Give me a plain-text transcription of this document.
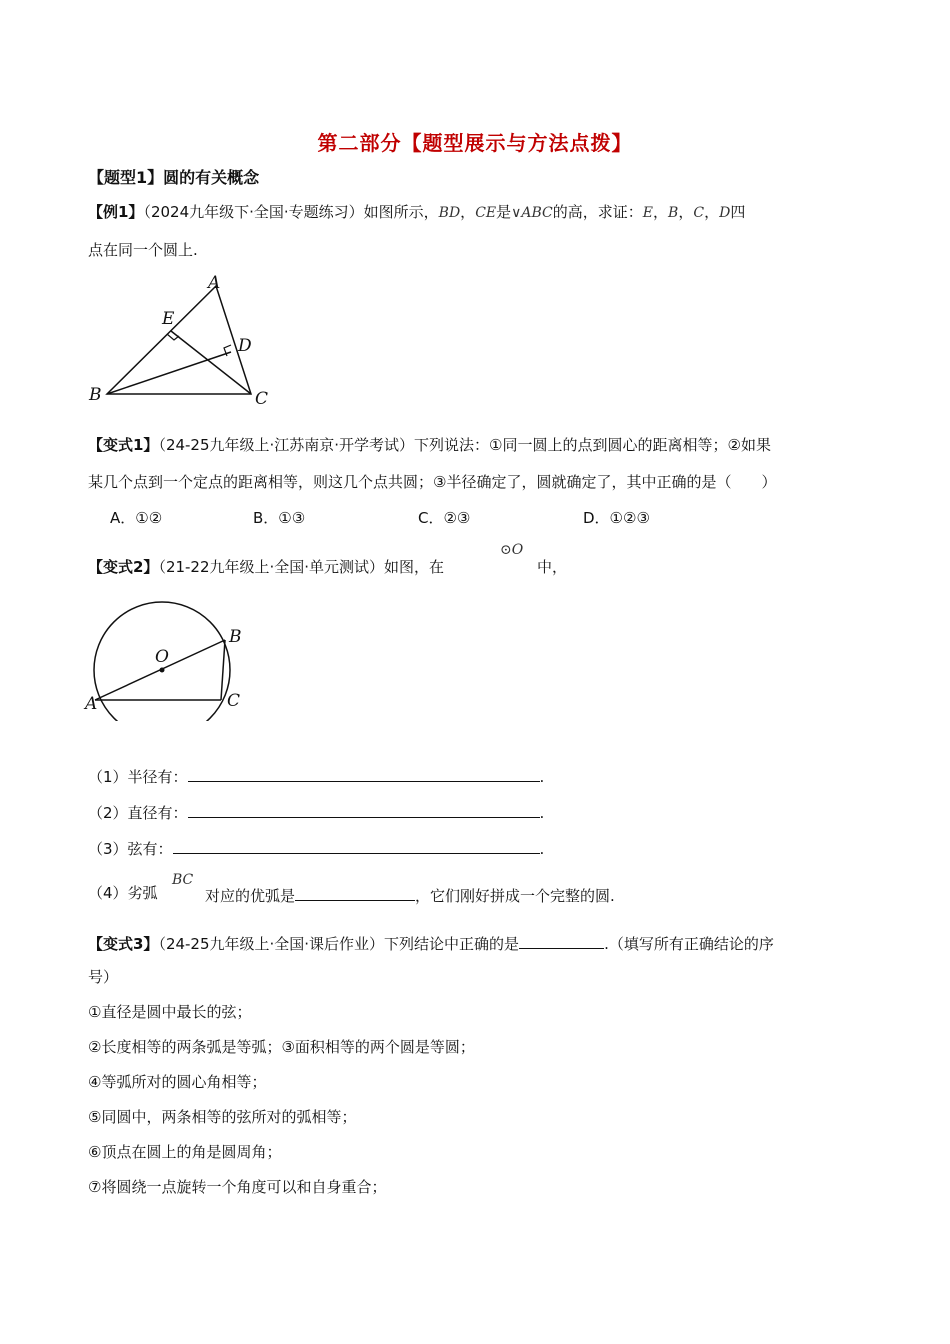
第二部分【题型展示与方法点拨】
【题型1】圆的有关概念
【例1】（2024九年级下·全国·专题练习）如图所示，BD，CE是∨ABC的高，求证：E，B，C，D四
点在同一个圆上.
A
B	C
D
E
【变式1】（24-25九年级上·江苏南京·开学考试）下列说法：①同一圆上的点到圆心的距离相等；②如果
某几个点到一个定点的距离相等，则这几个点共圆；③半径确定了，圆就确定了，其中正确的是（　　）
A．①②	B．①③	C．②③	D．①②③
【变式2】（21-22九年级上·全国·单元测试）如图，在
⊙O
中，
O
A
B
C
（1）半径有：	.
（2）直径有：	.
（3）弦有：	.
（4）劣弧
BC
对应的优弧是	，它们刚好拼成一个完整的圆.
【变式3】（24-25九年级上·全国·课后作业）下列结论中正确的是	.（填写所有正确结论的序
号）
①直径是圆中最长的弦；
②长度相等的两条弧是等弧；③面积相等的两个圆是等圆；
④等弧所对的圆心角相等；
⑤同圆中，两条相等的弦所对的弧相等；
⑥顶点在圆上的角是圆周角；
⑦将圆绕一点旋转一个角度可以和自身重合；
